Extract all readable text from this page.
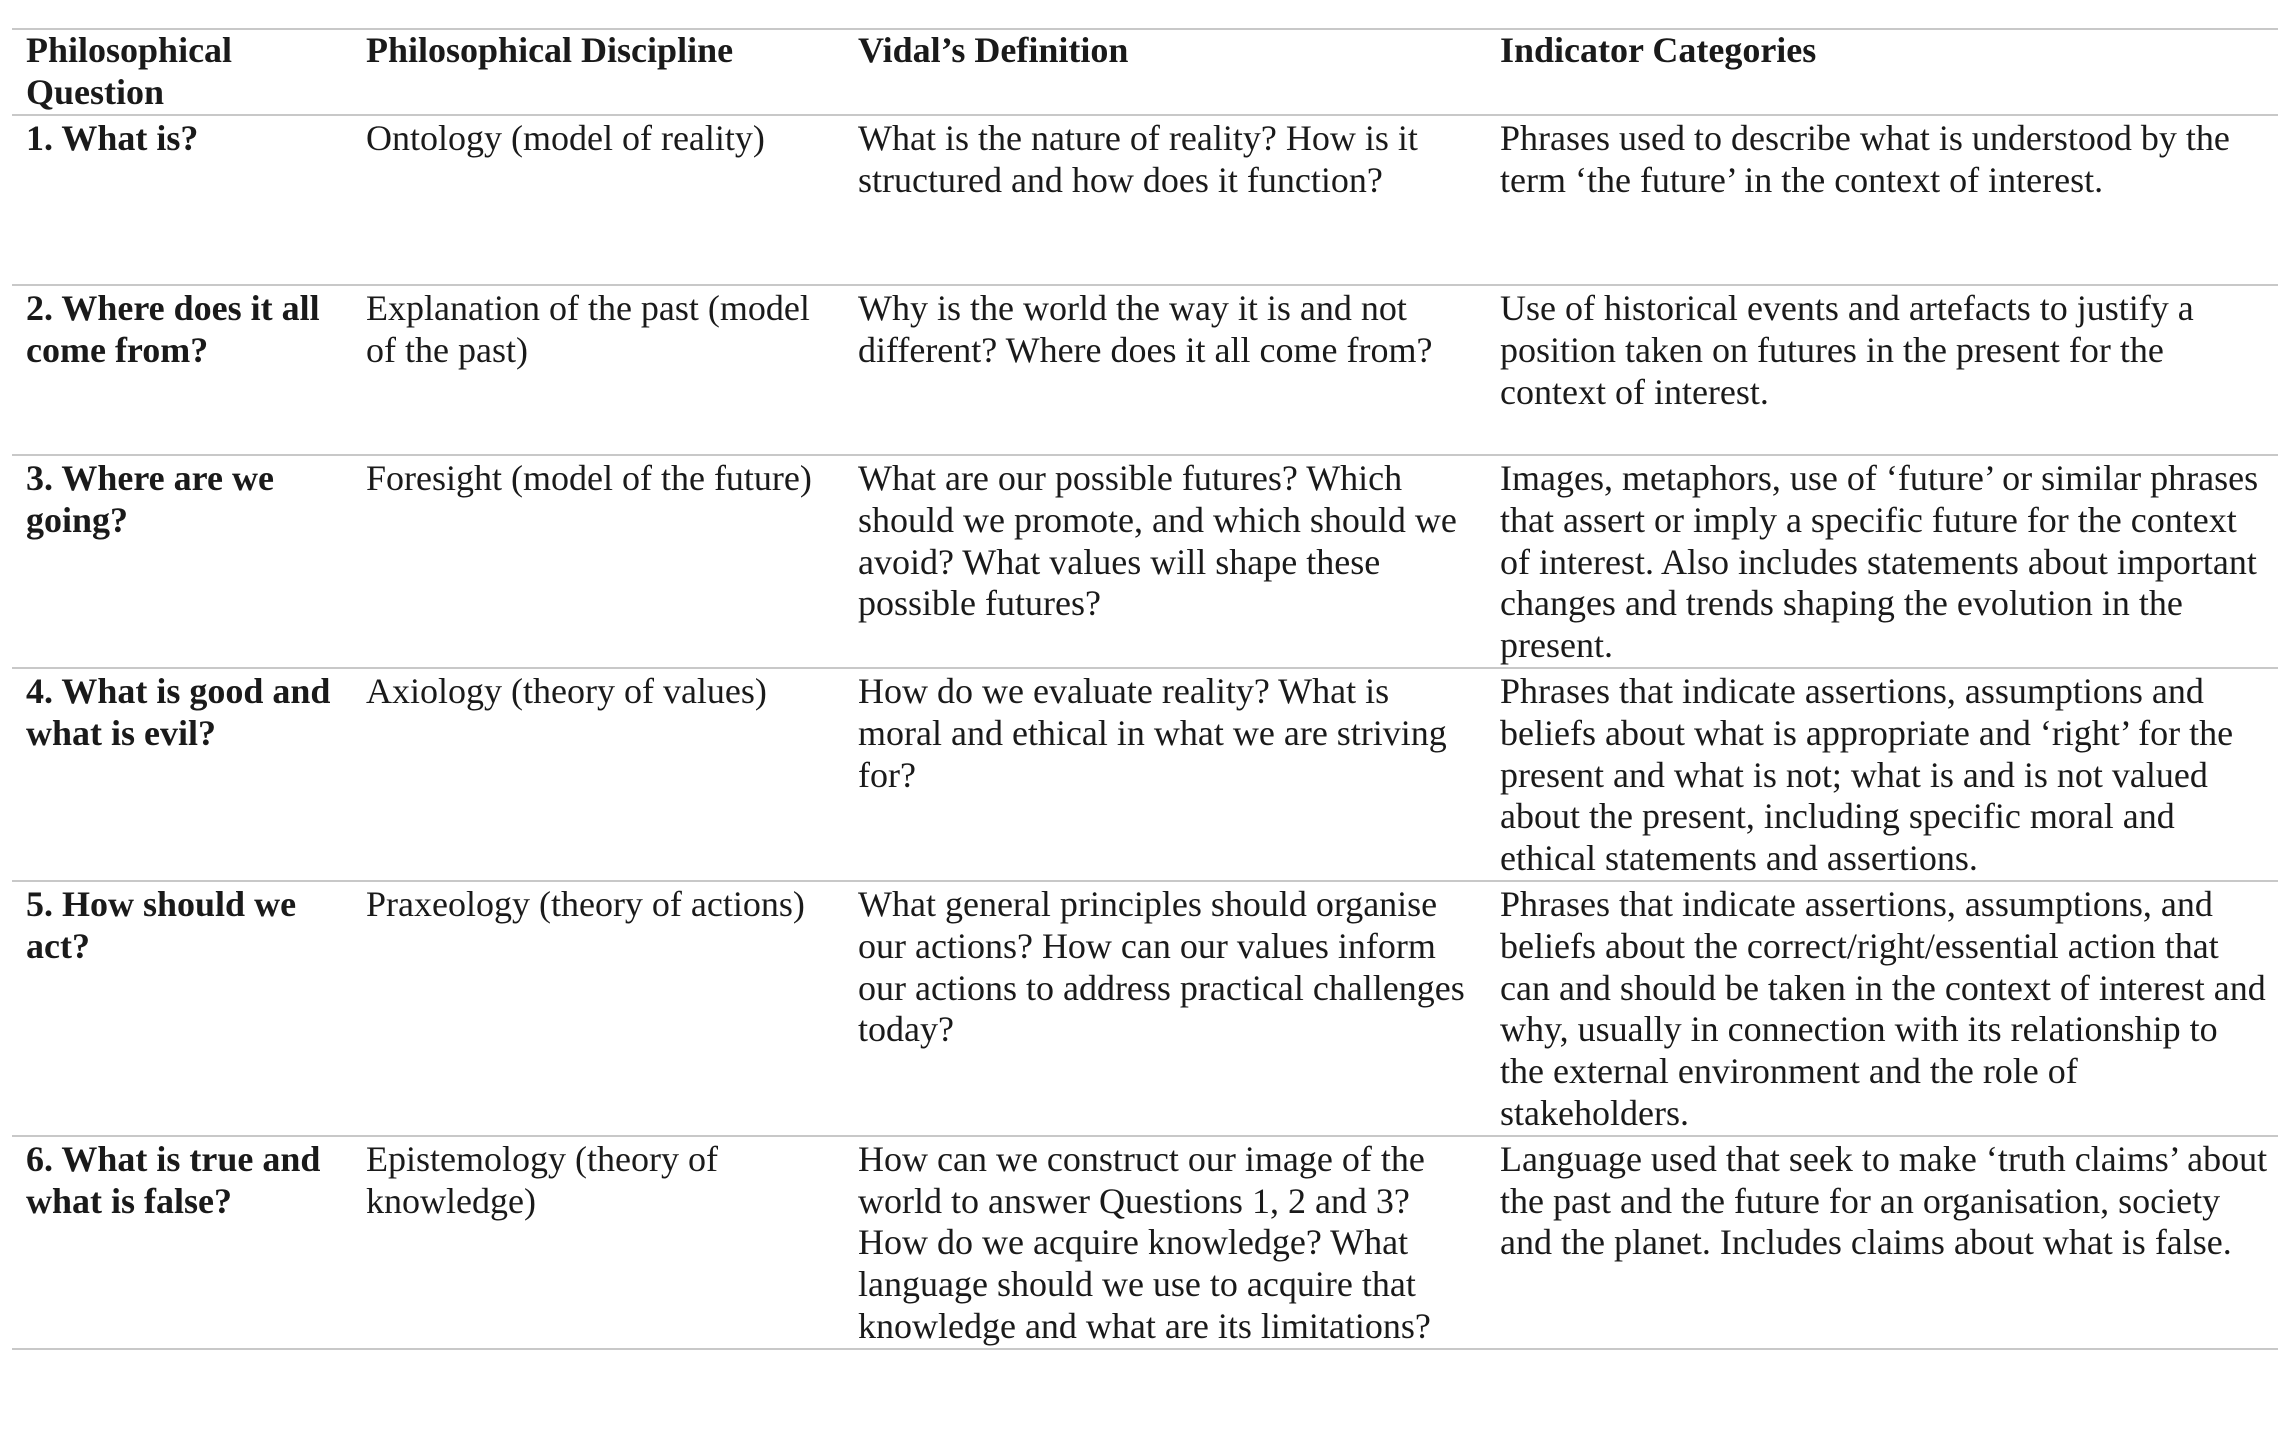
Philosophical Question	Philosophical Discipline	Vidal’s Definition	Indicator Categories
1. What is?	Ontology (model of reality)	What is the nature of reality? How is it structured and how does it function?	Phrases used to describe what is understood by the term ‘the future’ in the context of interest.
2. Where does it all come from?	Explanation of the past (model of the past)	Why is the world the way it is and not different? Where does it all come from?	Use of historical events and artefacts to justify a position taken on futures in the present for the context of interest.
3. Where are we going?	Foresight (model of the future)	What are our possible futures? Which should we promote, and which should we avoid? What values will shape these possible futures?	Images, metaphors, use of ‘future’ or similar phrases that assert or imply a specific future for the context of interest. Also includes statements about important changes and trends shaping the evolution in the present.
4. What is good and what is evil?	Axiology (theory of values)	How do we evaluate reality? What is moral and ethical in what we are striving for?	Phrases that indicate assertions, assumptions and beliefs about what is appropriate and ‘right’ for the present and what is not; what is and is not valued about the present, including specific moral and ethical statements and assertions.
5. How should we act?	Praxeology (theory of actions)	What general principles should organise our actions? How can our values inform our actions to address practical challenges today?	Phrases that indicate assertions, assumptions, and beliefs about the correct/right/essential action that can and should be taken in the context of interest and why, usually in connection with its relationship to the external environment and the role of stakeholders.
6. What is true and what is false?	Epistemology (theory of knowledge)	How can we construct our image of the world to answer Questions 1, 2 and 3? How do we acquire knowledge? What language should we use to acquire that knowledge and what are its limitations?	Language used that seek to make ‘truth claims’ about the past and the future for an organisation, society and the planet. Includes claims about what is false.
